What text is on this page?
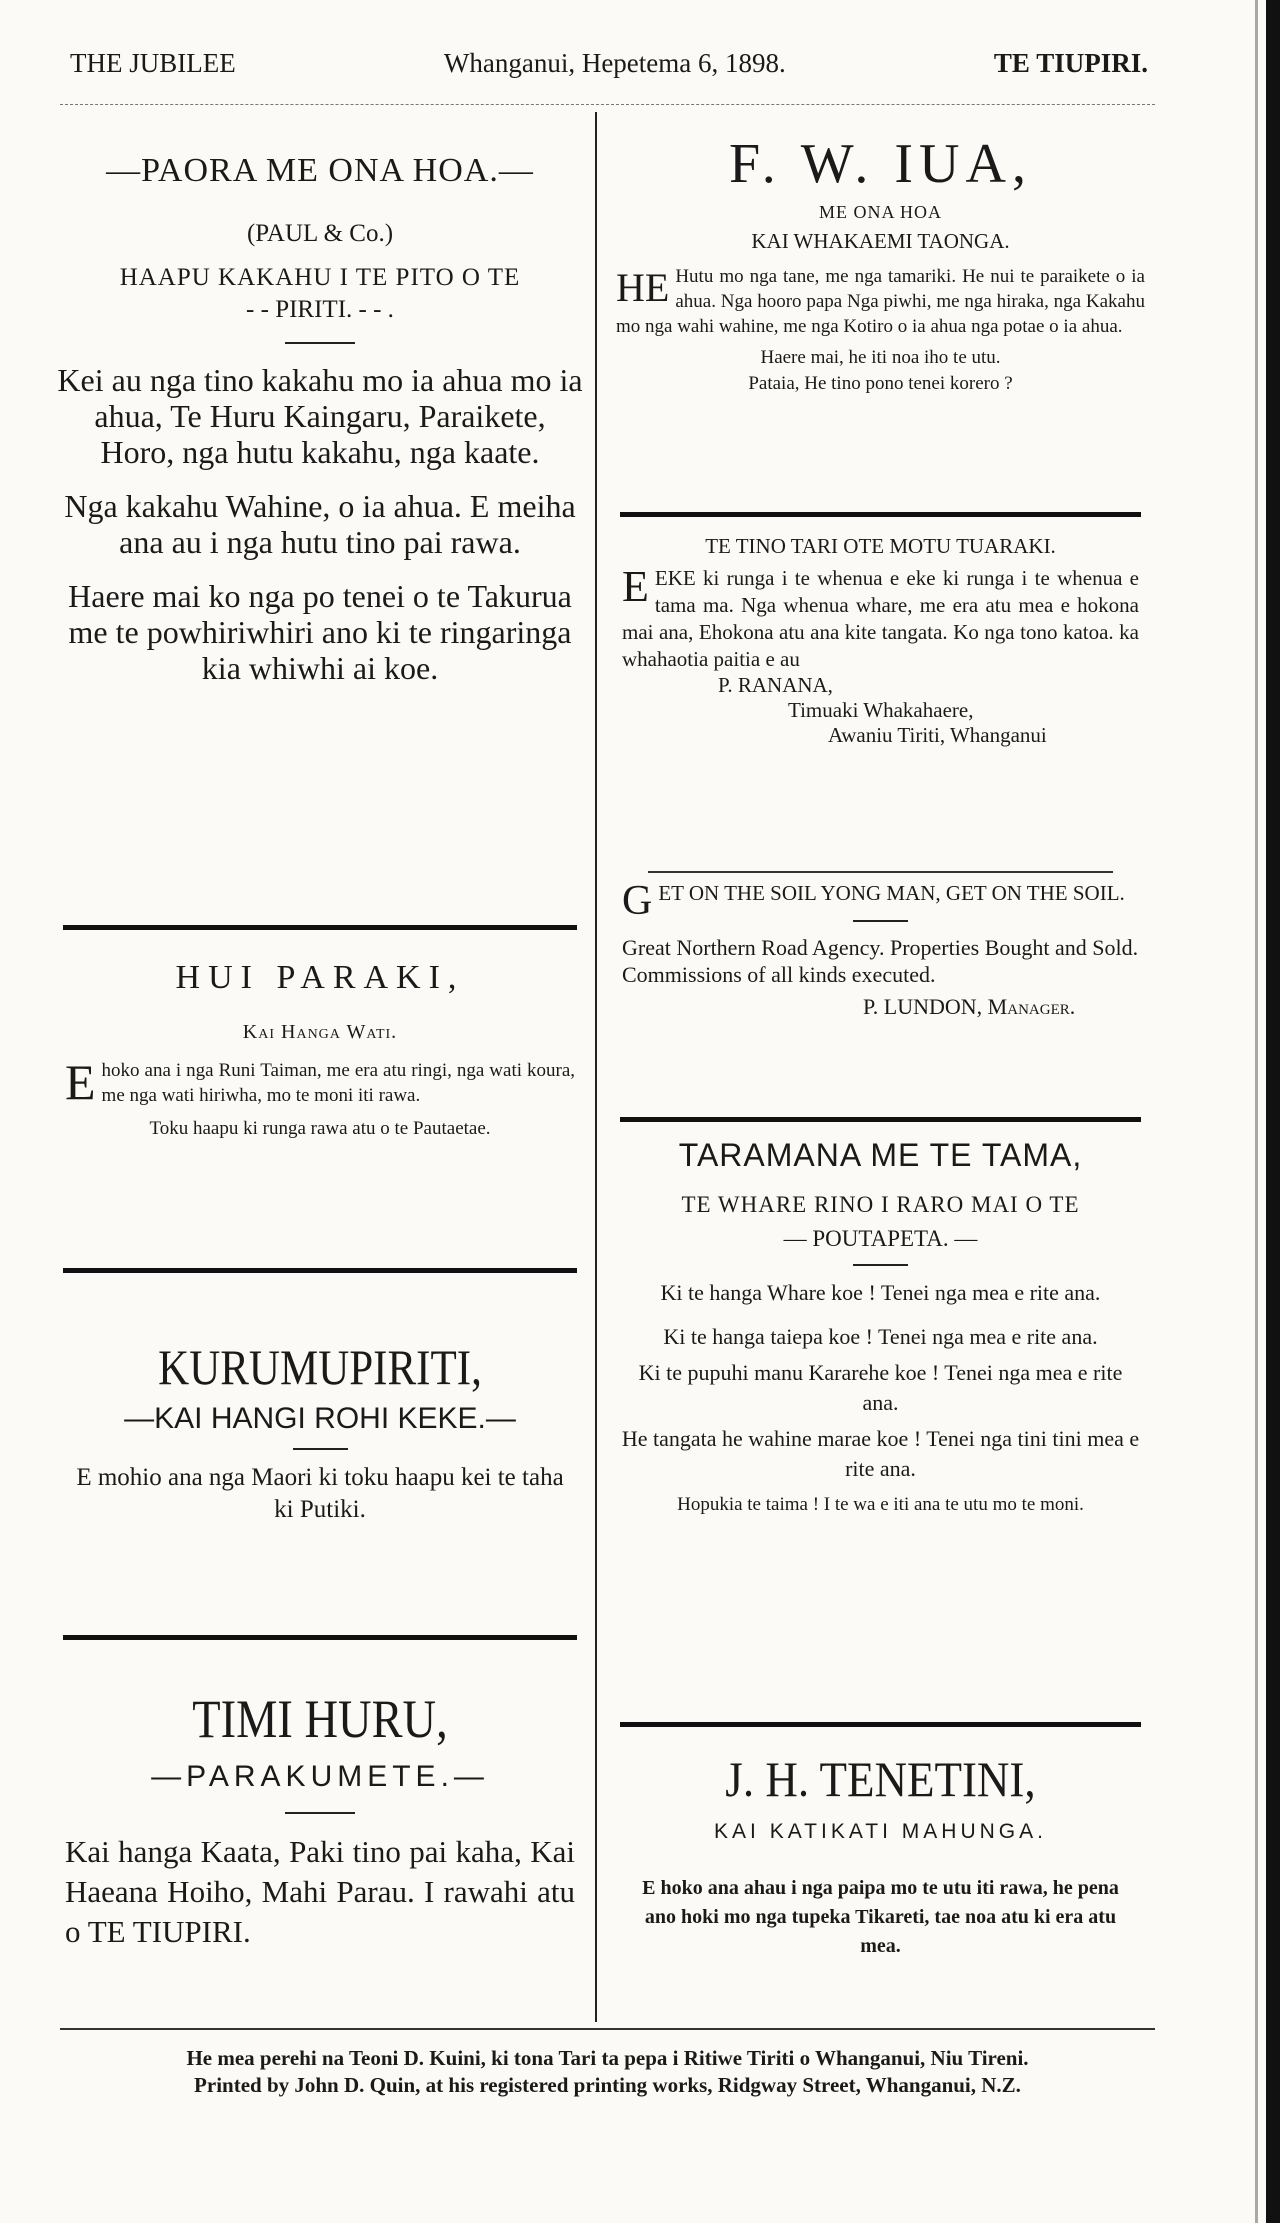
THE JUBILEE	Whanganui, Hepetema 6, 1898.	TE TIUPIRI.
—PAORA ME ONA HOA.—
(PAUL & Co.)
HAAPU KAKAHU I TE PITO O TE
- - PIRITI. - - .
Kei au nga tino kakahu mo ia ahua mo ia ahua, Te Huru Kaingaru, Paraikete, Horo, nga hutu kakahu, nga kaate.
Nga kakahu Wahine, o ia ahua. E meiha ana au i nga hutu tino pai rawa.
Haere mai ko nga po tenei o te Takurua me te powhiriwhiri ano ki te ringaringa kia whiwhi ai koe.
HUI PARAKI,
Kai Hanga Wati.
Ehoko ana i nga Runi Taiman, me era atu ringi, nga wati koura, me nga wati hiriwha, mo te moni iti rawa.
Toku haapu ki runga rawa atu o te Pautaetae.
KURUMUPIRITI,
—KAI HANGI ROHI KEKE.—
E mohio ana nga Maori ki toku haapu kei te taha ki Putiki.
TIMI HURU,
—PARAKUMETE.—
Kai hanga Kaata, Paki tino pai kaha, Kai Haeana Hoiho, Mahi Parau. I rawahi atu o TE TIUPIRI.
F. W. IUA,
ME ONA HOA
KAI WHAKAEMI TAONGA.
HE Hutu mo nga tane, me nga tamariki. He nui te paraikete o ia ahua. Nga hooro papa Nga piwhi, me nga hiraka, nga Kakahu mo nga wahi wahine, me nga Kotiro o ia ahua nga potae o ia ahua.
Haere mai, he iti noa iho te utu.
Pataia, He tino pono tenei korero ?
TE TINO TARI OTE MOTU TUARAKI.
EEKE ki runga i te whenua e eke ki runga i te whenua e tama ma. Nga whenua whare, me era atu mea e hokona mai ana, Ehokona atu ana kite tangata. Ko nga tono katoa. ka whahaotia paitia e au
P. RANANA,
Timuaki Whakahaere,
Awaniu Tiriti, Whanganui
GET ON THE SOIL YONG MAN, GET ON THE SOIL.
Great Northern Road Agency. Properties Bought and Sold. Commissions of all kinds executed.
P. LUNDON, Manager.
TARAMANA ME TE TAMA,
TE WHARE RINO I RARO MAI O TE
— POUTAPETA. —
Ki te hanga Whare koe ! Tenei nga mea e rite ana.
Ki te hanga taiepa koe ! Tenei nga mea e rite ana.
Ki te pupuhi manu Kararehe koe ! Tenei nga mea e rite ana.
He tangata he wahine marae koe ! Tenei nga tini tini mea e rite ana.
Hopukia te taima ! I te wa e iti ana te utu mo te moni.
J. H. TENETINI,
KAI KATIKATI MAHUNGA.
E hoko ana ahau i nga paipa mo te utu iti rawa, he pena ano hoki mo nga tupeka Tikareti, tae noa atu ki era atu mea.
He mea perehi na Teoni D. Kuini, ki tona Tari ta pepa i Ritiwe Tiriti o Whanganui, Niu Tireni.
Printed by John D. Quin, at his registered printing works, Ridgway Street, Whanganui, N.Z.
